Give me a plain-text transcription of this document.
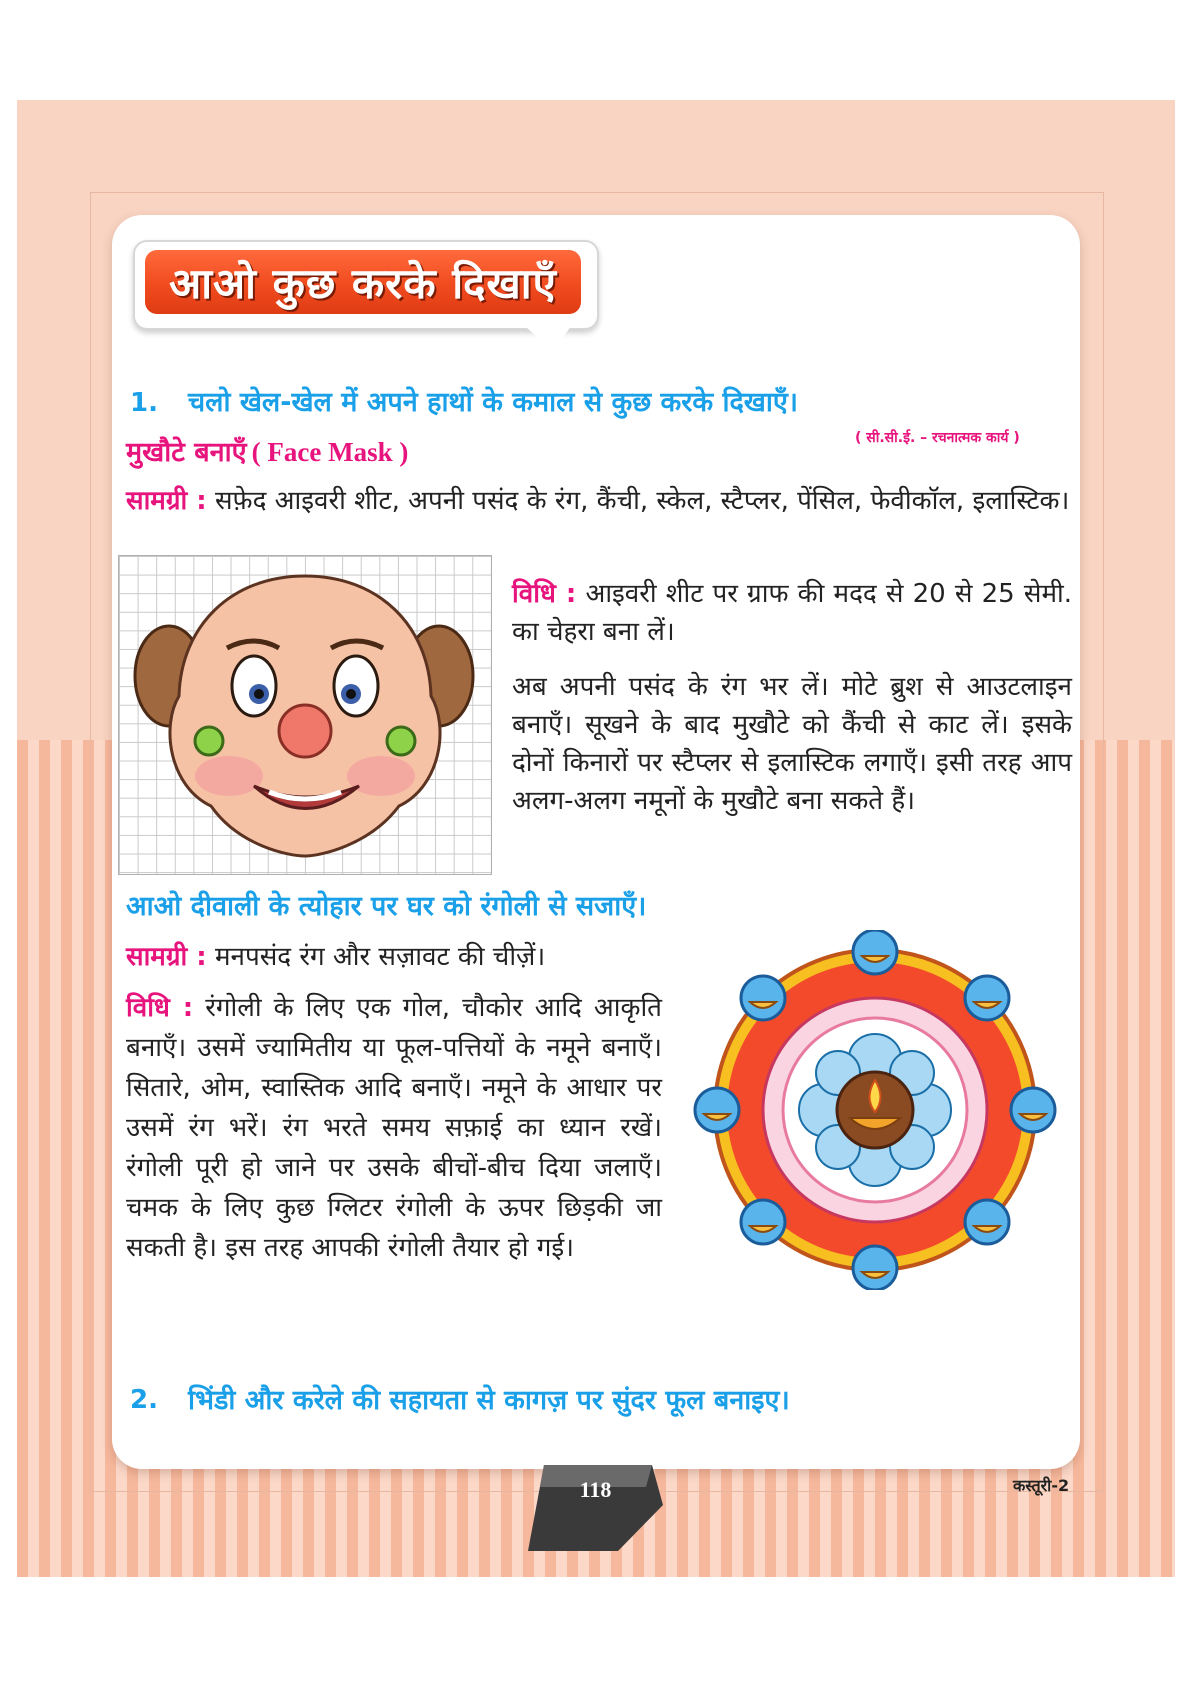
आओ कुछ करके दिखाएँ

1. चलो खेल-खेल में अपने हाथों के कमाल से कुछ करके दिखाएँ।

( सी.सी.ई. – रचनात्मक कार्य )

मुखौटे बनाएँ ( Face Mask )

सामग्री : सफ़ेद आइवरी शीट, अपनी पसंद के रंग, कैंची, स्केल, स्टैप्लर, पेंसिल, फेवीकॉल, इलास्टिक।

विधि : आइवरी शीट पर ग्राफ की मदद से 20 से 25 सेमी. का चेहरा बना लें।

अब अपनी पसंद के रंग भर लें। मोटे ब्रुश से आउटलाइन बनाएँ। सूखने के बाद मुखौटे को कैंची से काट लें। इसके दोनों किनारों पर स्टैप्लर से इलास्टिक लगाएँ। इसी तरह आप अलग-अलग नमूनों के मुखौटे बना सकते हैं।

आओ दीवाली के त्योहार पर घर को रंगोली से सजाएँ।

सामग्री : मनपसंद रंग और सज़ावट की चीज़ें।

विधि : रंगोली के लिए एक गोल, चौकोर आदि आकृति बनाएँ। उसमें ज्यामितीय या फूल-पत्तियों के नमूने बनाएँ। सितारे, ओम, स्वास्तिक आदि बनाएँ। नमूने के आधार पर उसमें रंग भरें। रंग भरते समय सफ़ाई का ध्यान रखें। रंगोली पूरी हो जाने पर उसके बीचों-बीच दिया जलाएँ। चमक के लिए कुछ ग्लिटर रंगोली के ऊपर छिड़की जा सकती है। इस तरह आपकी रंगोली तैयार हो गई।

2. भिंडी और करेले की सहायता से कागज़ पर सुंदर फूल बनाइए।

118	कस्तूरी-2
